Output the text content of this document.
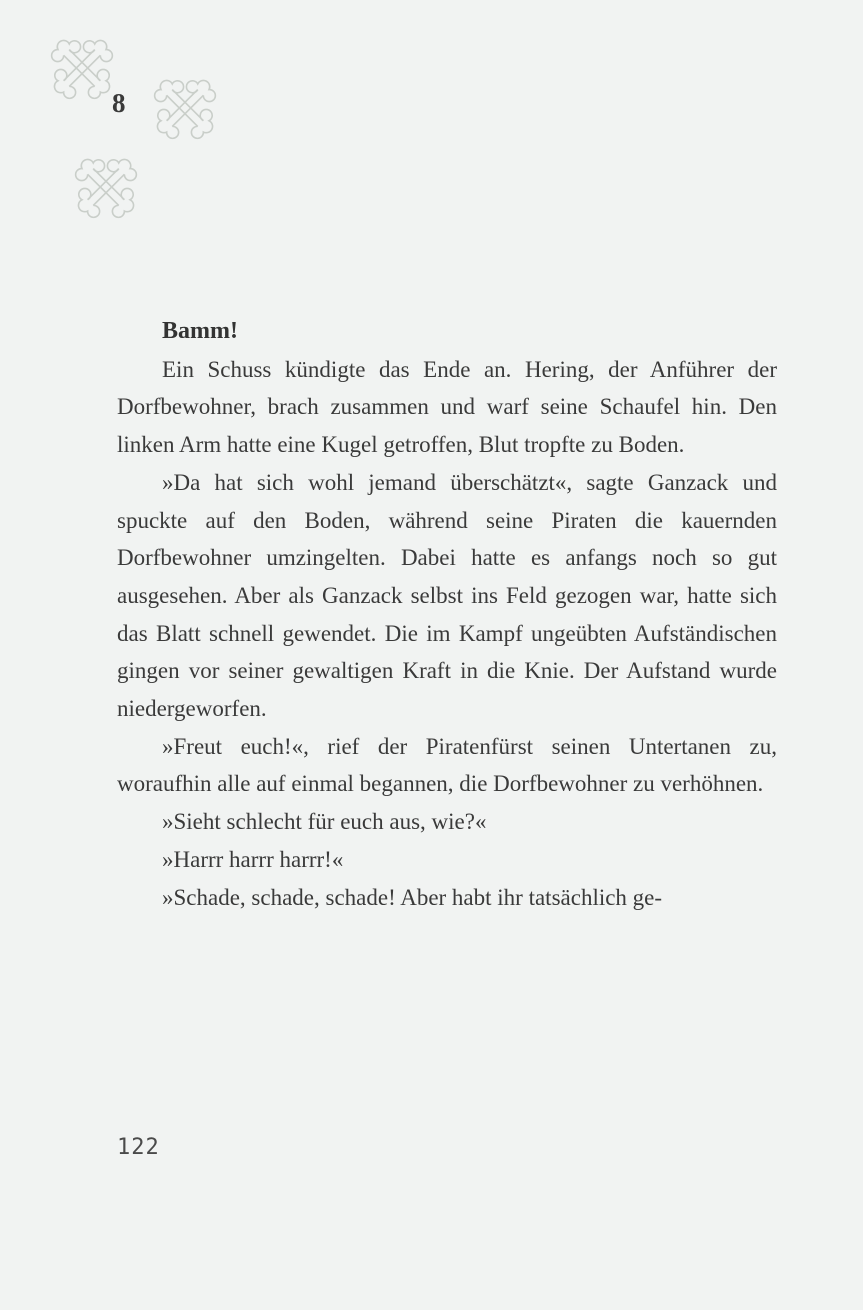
8

Bamm!

Ein Schuss kündigte das Ende an. Hering, der Anführer der Dorfbewohner, brach zusammen und warf seine Schaufel hin. Den linken Arm hatte eine Kugel getroffen, Blut tropfte zu Boden.

»Da hat sich wohl jemand überschätzt«, sagte Ganzack und spuckte auf den Boden, während seine Piraten die kauernden Dorfbewohner umzingelten. Dabei hatte es anfangs noch so gut ausgesehen. Aber als Ganzack selbst ins Feld gezogen war, hatte sich das Blatt schnell gewendet. Die im Kampf ungeübten Aufständischen gingen vor seiner gewaltigen Kraft in die Knie. Der Aufstand wurde niedergeworfen.

»Freut euch!«, rief der Piratenfürst seinen Untertanen zu, woraufhin alle auf einmal begannen, die Dorfbewohner zu verhöhnen.

»Sieht schlecht für euch aus, wie?«

»Harrr harrr harrr!«

»Schade, schade, schade! Aber habt ihr tatsächlich ge-

122
